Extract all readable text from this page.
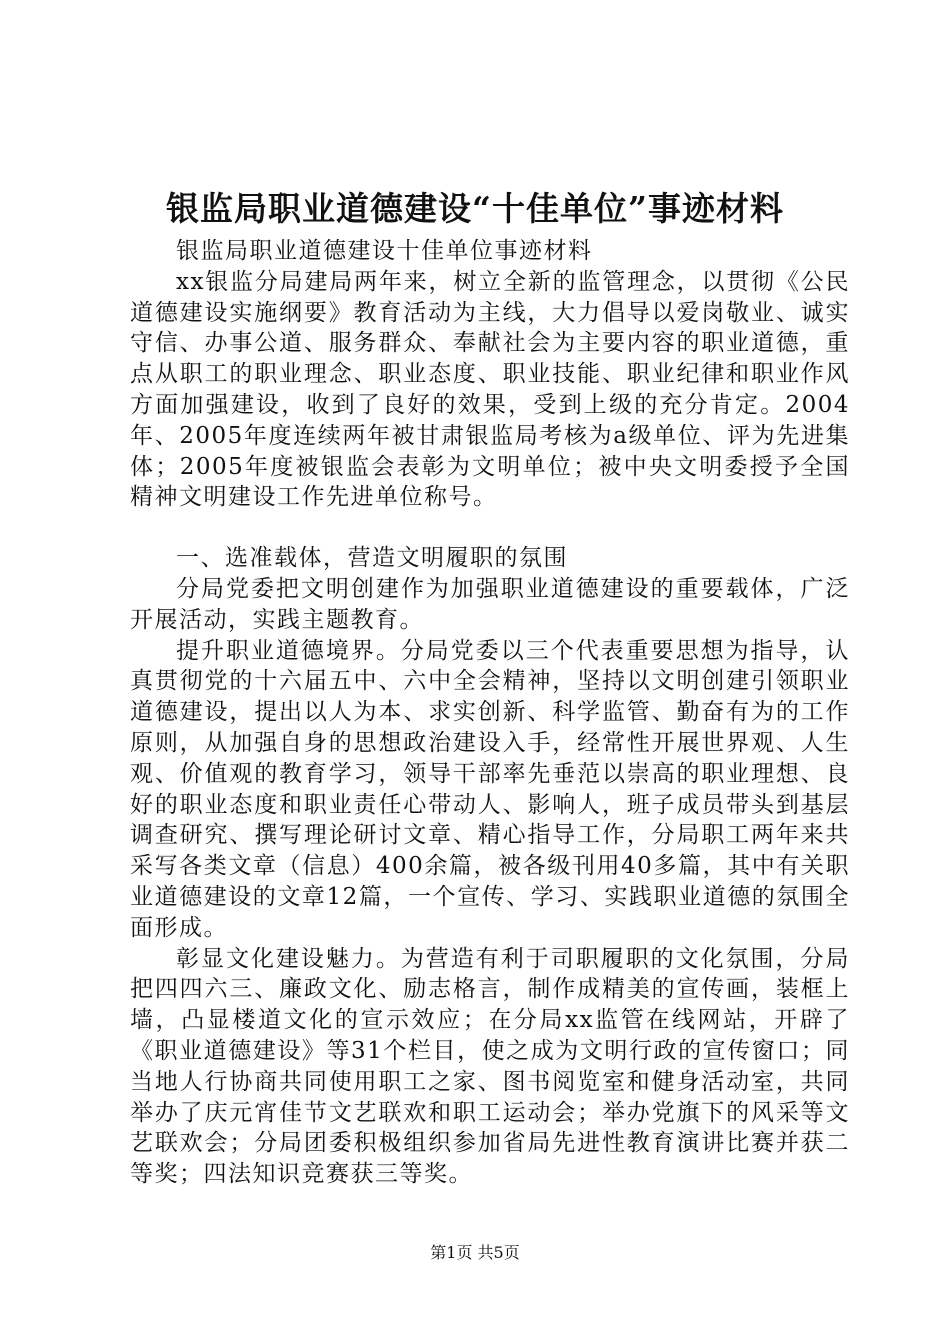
银监局职业道德建设“十佳单位”事迹材料

银监局职业道德建设十佳单位事迹材料

xx银监分局建局两年来，树立全新的监管理念，以贯彻《公民道德建设实施纲要》教育活动为主线，大力倡导以爱岗敬业、诚实守信、办事公道、服务群众、奉献社会为主要内容的职业道德，重点从职工的职业理念、职业态度、职业技能、职业纪律和职业作风方面加强建设，收到了良好的效果，受到上级的充分肯定。2004年、2005年度连续两年被甘肃银监局考核为a级单位、评为先进集体；2005年度被银监会表彰为文明单位；被中央文明委授予全国精神文明建设工作先进单位称号。

一、选准载体，营造文明履职的氛围

分局党委把文明创建作为加强职业道德建设的重要载体，广泛开展活动，实践主题教育。

提升职业道德境界。分局党委以三个代表重要思想为指导，认真贯彻党的十六届五中、六中全会精神，坚持以文明创建引领职业道德建设，提出以人为本、求实创新、科学监管、勤奋有为的工作原则，从加强自身的思想政治建设入手，经常性开展世界观、人生观、价值观的教育学习，领导干部率先垂范以崇高的职业理想、良好的职业态度和职业责任心带动人、影响人，班子成员带头到基层调查研究、撰写理论研讨文章、精心指导工作，分局职工两年来共采写各类文章（信息）400余篇，被各级刊用40多篇，其中有关职业道德建设的文章12篇，一个宣传、学习、实践职业道德的氛围全面形成。

彰显文化建设魅力。为营造有利于司职履职的文化氛围，分局把四四六三、廉政文化、励志格言，制作成精美的宣传画，装框上墙，凸显楼道文化的宣示效应；在分局xx监管在线网站，开辟了《职业道德建设》等31个栏目，使之成为文明行政的宣传窗口；同当地人行协商共同使用职工之家、图书阅览室和健身活动室，共同举办了庆元宵佳节文艺联欢和职工运动会；举办党旗下的风采等文艺联欢会；分局团委积极组织参加省局先进性教育演讲比赛并获二等奖；四法知识竞赛获三等奖。

第1页 共5页
